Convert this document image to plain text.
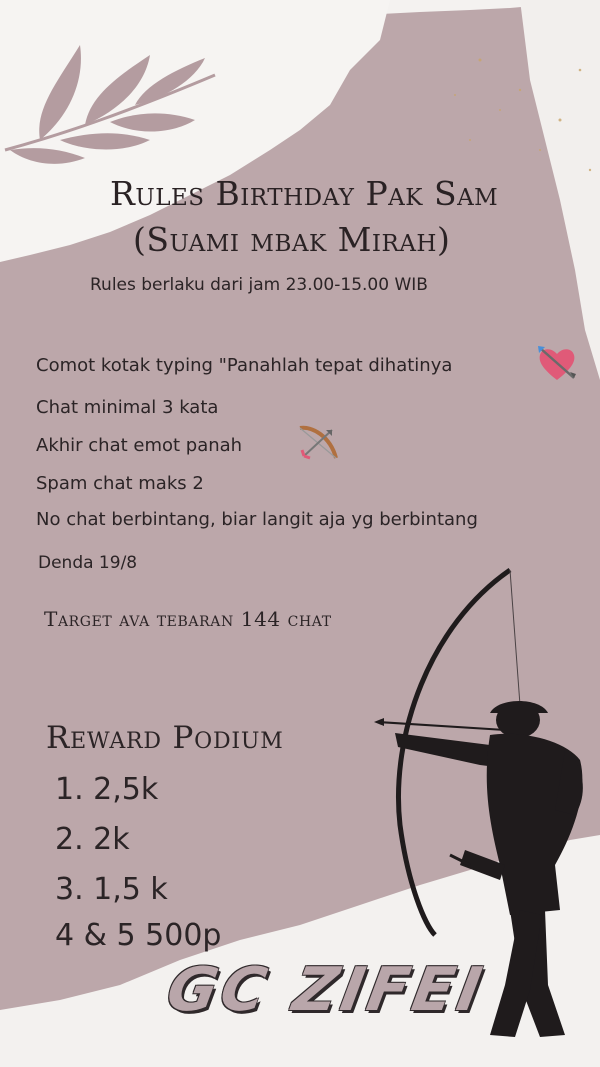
Rules Birthday Pak Sam
(Suami mbak Mirah)
Rules berlaku dari jam 23.00-15.00 WIB
Comot kotak typing "Panahlah tepat dihatinya
Chat minimal 3 kata
Akhir chat emot panah
Spam chat maks 2
No chat berbintang, biar langit aja yg berbintang
Denda 19/8
Target ava tebaran 144 chat
Reward Podium
1. 2,5k
2. 2k
3. 1,5 k
4 & 5 500p
GC ZIFEI
